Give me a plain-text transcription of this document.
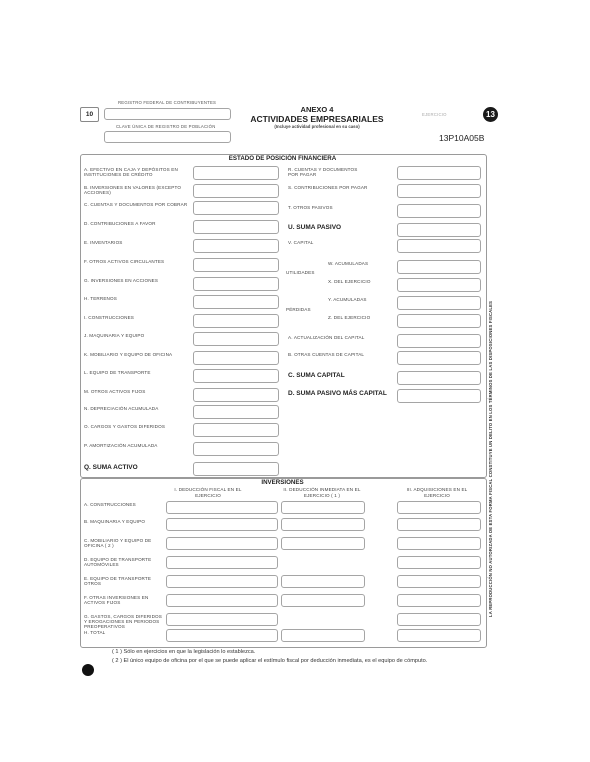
10
REGISTRO FEDERAL DE CONTRIBUYENTES
CLAVE ÚNICA DE REGISTRO DE POBLACIÓN
ANEXO 4
ACTIVIDADES EMPRESARIALES
(Incluye actividad profesional en su caso)
EJERCICIO	13
13P10A05B
ESTADO DE POSICIÓN FINANCIERA
A. EFECTIVO EN CAJA Y DEPÓSITOS EN INSTITUCIONES DE CRÉDITO
B. INVERSIONES EN VALORES (EXCEPTO ACCIONES)
C. CUENTAS Y DOCUMENTOS POR COBRAR
D. CONTRIBUCIONES A FAVOR
E. INVENTARIOS
F. OTROS ACTIVOS CIRCULANTES
G. INVERSIONES EN ACCIONES
H. TERRENOS
I. CONSTRUCCIONES
J. MAQUINARIA Y EQUIPO
K. MOBILIARIO Y EQUIPO DE OFICINA
L. EQUIPO DE TRANSPORTE
M. OTROS ACTIVOS FIJOS
N. DEPRECIACIÓN ACUMULADA
O. CARGOS Y GASTOS DIFERIDOS
P. AMORTIZACIÓN ACUMULADA
Q. SUMA ACTIVO
R. CUENTAS Y DOCUMENTOS POR PAGAR
S. CONTRIBUCIONES POR PAGAR
T. OTROS PASIVOS
U. SUMA PASIVO
V. CAPITAL
W. ACUMULADAS
X. DEL EJERCICIO
Y. ACUMULADAS
Z. DEL EJERCICIO
A. ACTUALIZACIÓN DEL CAPITAL
B. OTRAS CUENTAS DE CAPITAL
C. SUMA CAPITAL
D. SUMA PASIVO MÁS CAPITAL
UTILIDADES
PÉRDIDAS
INVERSIONES
I. DEDUCCIÓN FISCAL EN EL EJERCICIO
II. DEDUCCIÓN INMEDIATA EN EL EJERCICIO ( 1 )
III. ADQUISICIONES EN EL EJERCICIO
A. CONSTRUCCIONES
B. MAQUINARIA Y EQUIPO
C. MOBILIARIO Y EQUIPO DE OFICINA ( 2 )
D. EQUIPO DE TRANSPORTE AUTOMÓVILES
E. EQUIPO DE TRANSPORTE OTROS
F. OTRAS INVERSIONES EN ACTIVOS FIJOS
G. GASTOS, CARGOS DIFERIDOS Y EROGACIONES EN PERIODOS PREOPERATIVOS
H. TOTAL
( 1 ) Sólo en ejercicios en que la legislación lo establezca.
( 2 ) El único equipo de oficina por el que se puede aplicar el estímulo fiscal por deducción inmediata, es el equipo de cómputo.
LA REPRODUCCIÓN NO AUTORIZADA DE ESTA FORMA FISCAL CONSTITUYE UN DELITO EN LOS TÉRMINOS DE LAS DISPOSICIONES FISCALES
